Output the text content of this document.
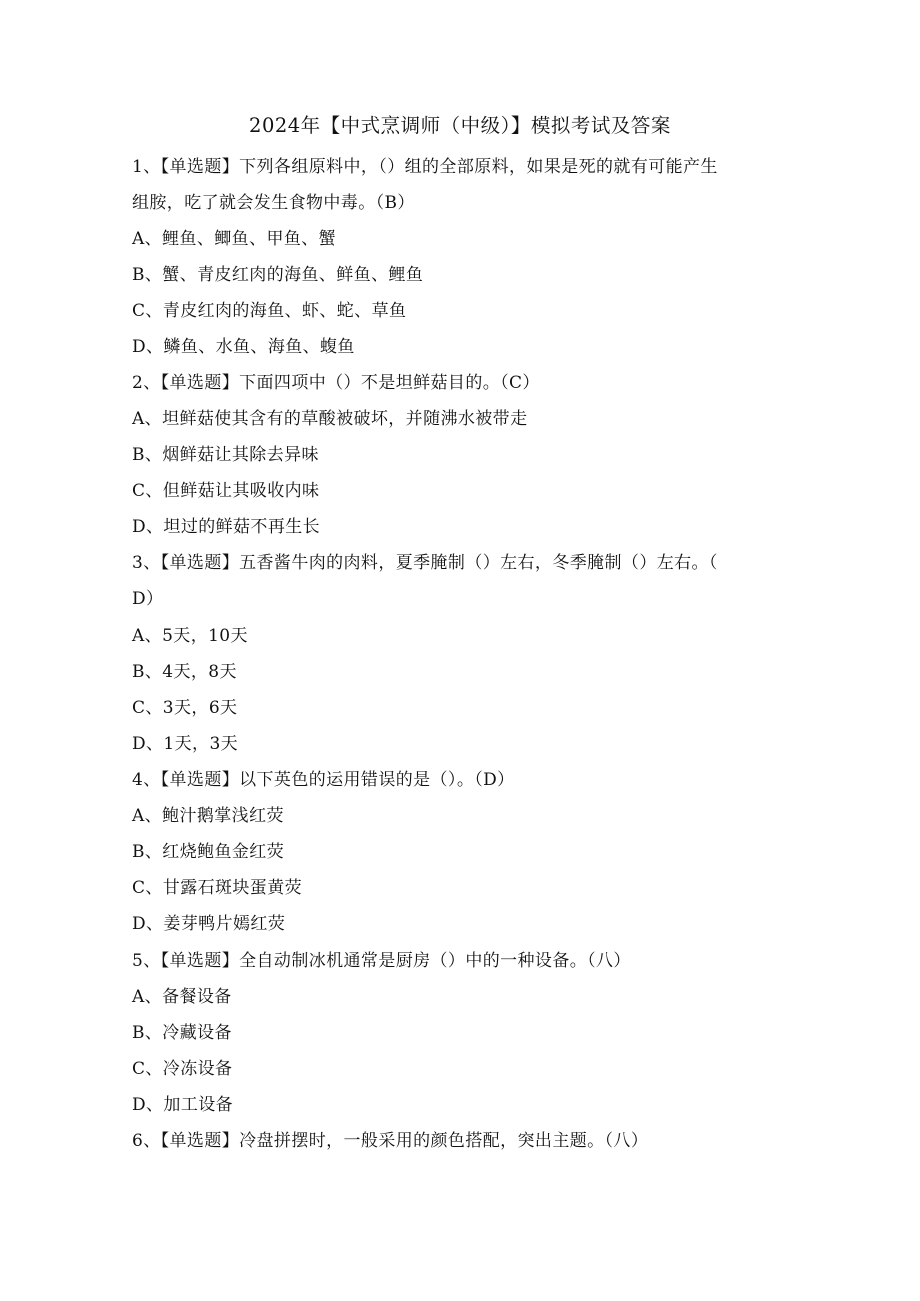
2024年【中式烹调师（中级）】模拟考试及答案
1、【单选题】下列各组原料中，（）组的全部原料，如果是死的就有可能产生
组胺，吃了就会发生食物中毒。（B）
A、鲤鱼、鲫鱼、甲鱼、蟹
B、蟹、青皮红肉的海鱼、鲜鱼、鲤鱼
C、青皮红肉的海鱼、虾、蛇、草鱼
D、鳞鱼、水鱼、海鱼、蝮鱼
2、【单选题】下面四项中（）不是坦鲜菇目的。（C）
A、坦鲜菇使其含有的草酸被破坏，并随沸水被带走
B、烟鲜菇让其除去异味
C、但鲜菇让其吸收内味
D、坦过的鲜菇不再生长
3、【单选题】五香酱牛肉的肉料，夏季腌制（）左右，冬季腌制（）左右。（
D）
A、5天，10天
B、4天，8天
C、3天，6天
D、1天，3天
4、【单选题】以下英色的运用错误的是（）。（D）
A、鲍汁鹅掌浅红荧
B、红烧鲍鱼金红荧
C、甘露石斑块蛋黄荧
D、姜芽鸭片嫣红荧
5、【单选题】全自动制冰机通常是厨房（）中的一种设备。（八）
A、备餐设备
B、冷藏设备
C、冷冻设备
D、加工设备
6、【单选题】冷盘拼摆时，一般采用的颜色搭配，突出主题。（八）
